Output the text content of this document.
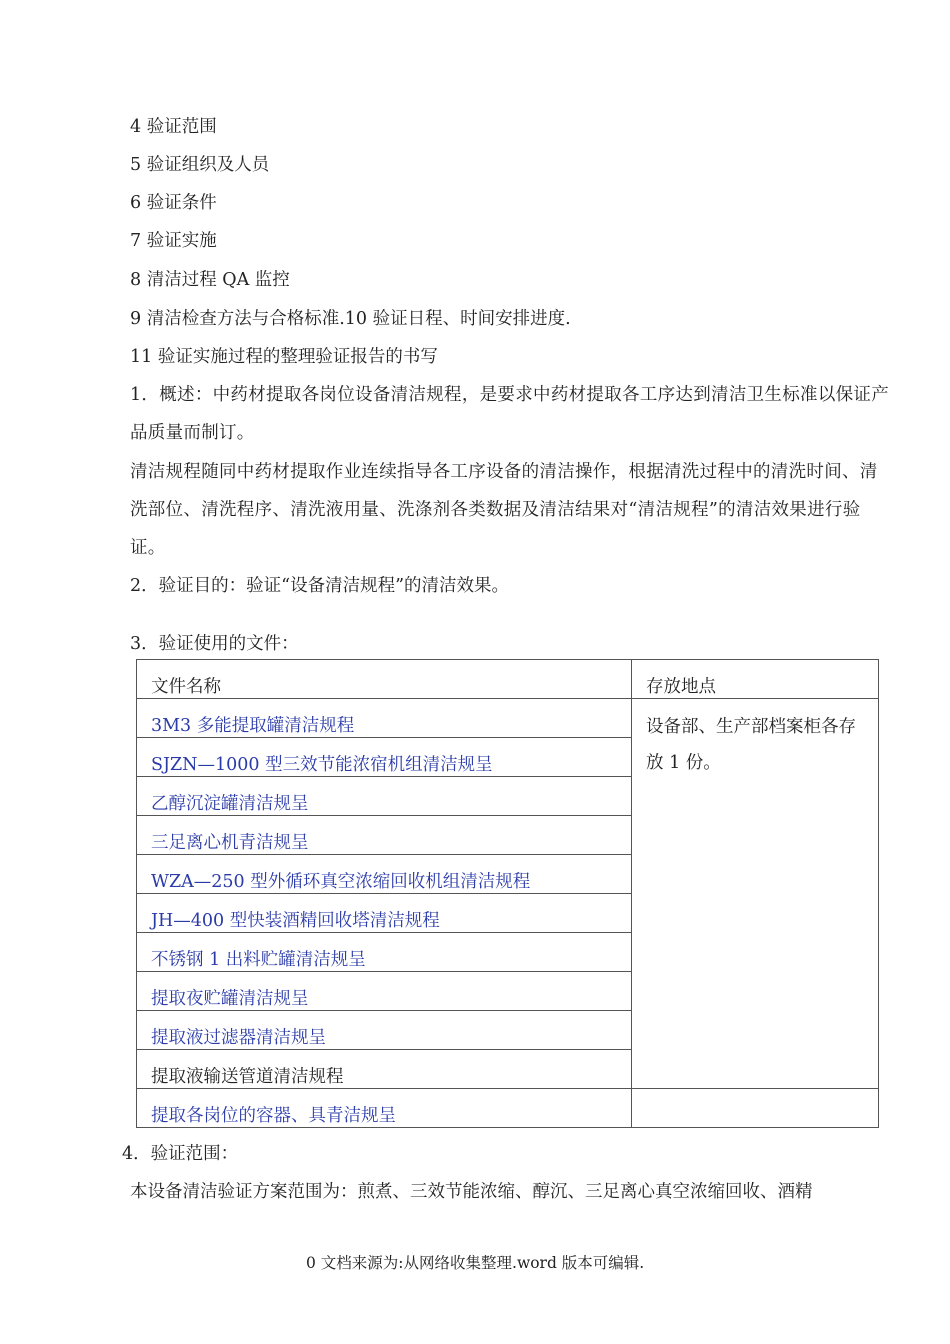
4 验证范围
5 验证组织及人员
6 验证条件
7 验证实施
8 清洁过程 QA 监控
9 清洁检查方法与合格标准.10 验证日程、时间安排进度.
11 验证实施过程的整理验证报告的书写
1．概述：中药材提取各岗位设备清洁规程，是要求中药材提取各工序达到清洁卫生标准以保证产品质量而制订。
清洁规程随同中药材提取作业连续指导各工序设备的清洁操作，根据清洗过程中的清洗时间、清洗部位、清洗程序、清洗液用量、洗涤剂各类数据及清洁结果对“清洁规程”的清洁效果进行验证。
2．验证目的：验证“设备清洁规程”的清洁效果。
3．验证使用的文件：
文件名称	存放地点
3M3 多能提取罐清洁规程	设备部、生产部档案柜各存放 1 份。
SJZN—1000 型三效节能浓宿机组清洁规呈	
乙醇沉淀罐清洁规呈	
三足离心机青洁规呈	
WZA—250 型外循环真空浓缩回收机组清洁规程	
JH—400 型快装酒精回收塔清洁规程	
不锈钢 1 出料贮罐清洁规呈	
提取夜贮罐清洁规呈	
提取液过滤器清洁规呈	
提取液输送管道清洁规程	
提取各岗位的容器、具青洁规呈	
4．验证范围：
本设备清洁验证方案范围为：煎煮、三效节能浓缩、醇沉、三足离心真空浓缩回收、酒精
0 文档来源为:从网络收集整理.word 版本可编辑.
